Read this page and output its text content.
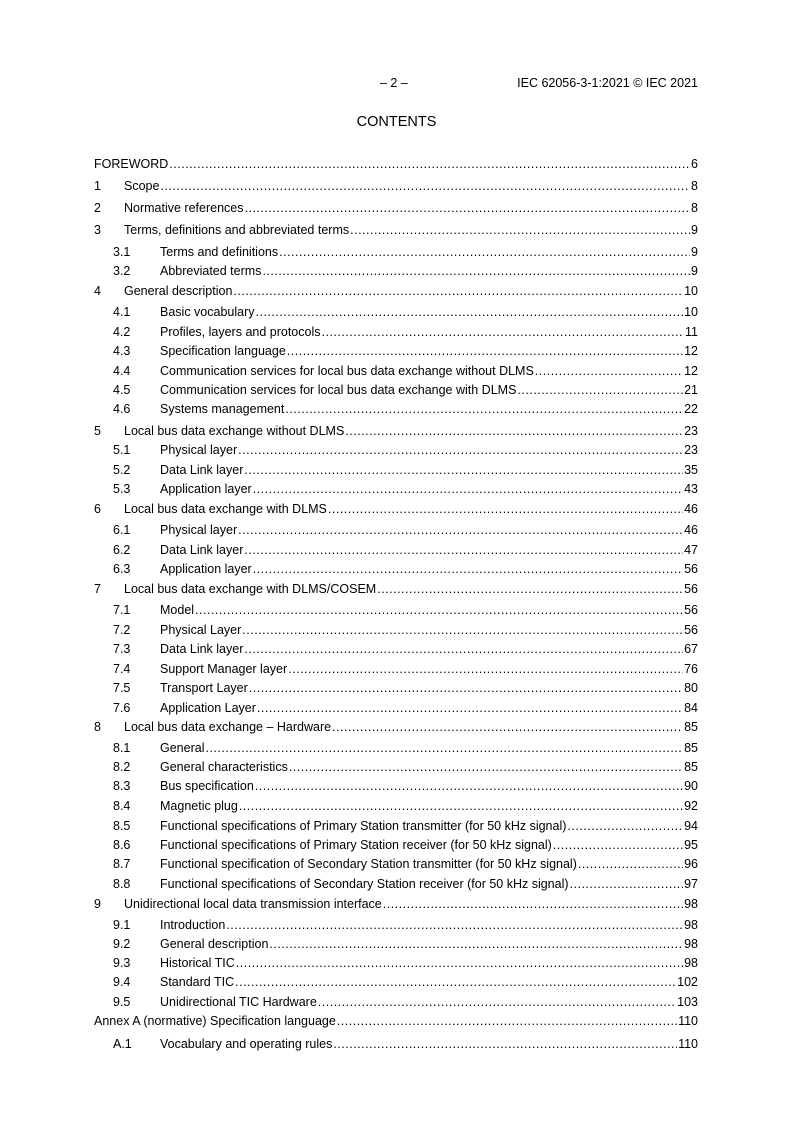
– 2 –	IEC 62056-3-1:2021 © IEC 2021
CONTENTS
FOREWORD .....	6
1	Scope .....	8
2	Normative references .....	8
3	Terms, definitions and abbreviated terms .....	9
3.1	Terms and definitions .....	9
3.2	Abbreviated terms .....	9
4	General description .....	10
4.1	Basic vocabulary .....	10
4.2	Profiles, layers and protocols .....	11
4.3	Specification language .....	12
4.4	Communication services for local bus data exchange without DLMS .....	12
4.5	Communication services for local bus data exchange with DLMS .....	21
4.6	Systems management .....	22
5	Local bus data exchange without DLMS .....	23
5.1	Physical layer .....	23
5.2	Data Link layer .....	35
5.3	Application layer .....	43
6	Local bus data exchange with DLMS .....	46
6.1	Physical layer .....	46
6.2	Data Link layer .....	47
6.3	Application layer .....	56
7	Local bus data exchange with DLMS/COSEM .....	56
7.1	Model .....	56
7.2	Physical Layer .....	56
7.3	Data Link layer .....	67
7.4	Support Manager layer .....	76
7.5	Transport Layer .....	80
7.6	Application Layer .....	84
8	Local bus data exchange – Hardware .....	85
8.1	General .....	85
8.2	General characteristics .....	85
8.3	Bus specification .....	90
8.4	Magnetic plug .....	92
8.5	Functional specifications of Primary Station transmitter (for 50 kHz signal) .....	94
8.6	Functional specifications of Primary Station receiver (for 50 kHz signal) .....	95
8.7	Functional specification of Secondary Station transmitter (for 50 kHz signal) .....	96
8.8	Functional specifications of Secondary Station receiver (for 50 kHz signal) .....	97
9	Unidirectional local data transmission interface .....	98
9.1	Introduction .....	98
9.2	General description .....	98
9.3	Historical TIC .....	98
9.4	Standard TIC .....	102
9.5	Unidirectional TIC Hardware .....	103
Annex A (normative) Specification language .....	110
A.1	Vocabulary and operating rules .....	110
